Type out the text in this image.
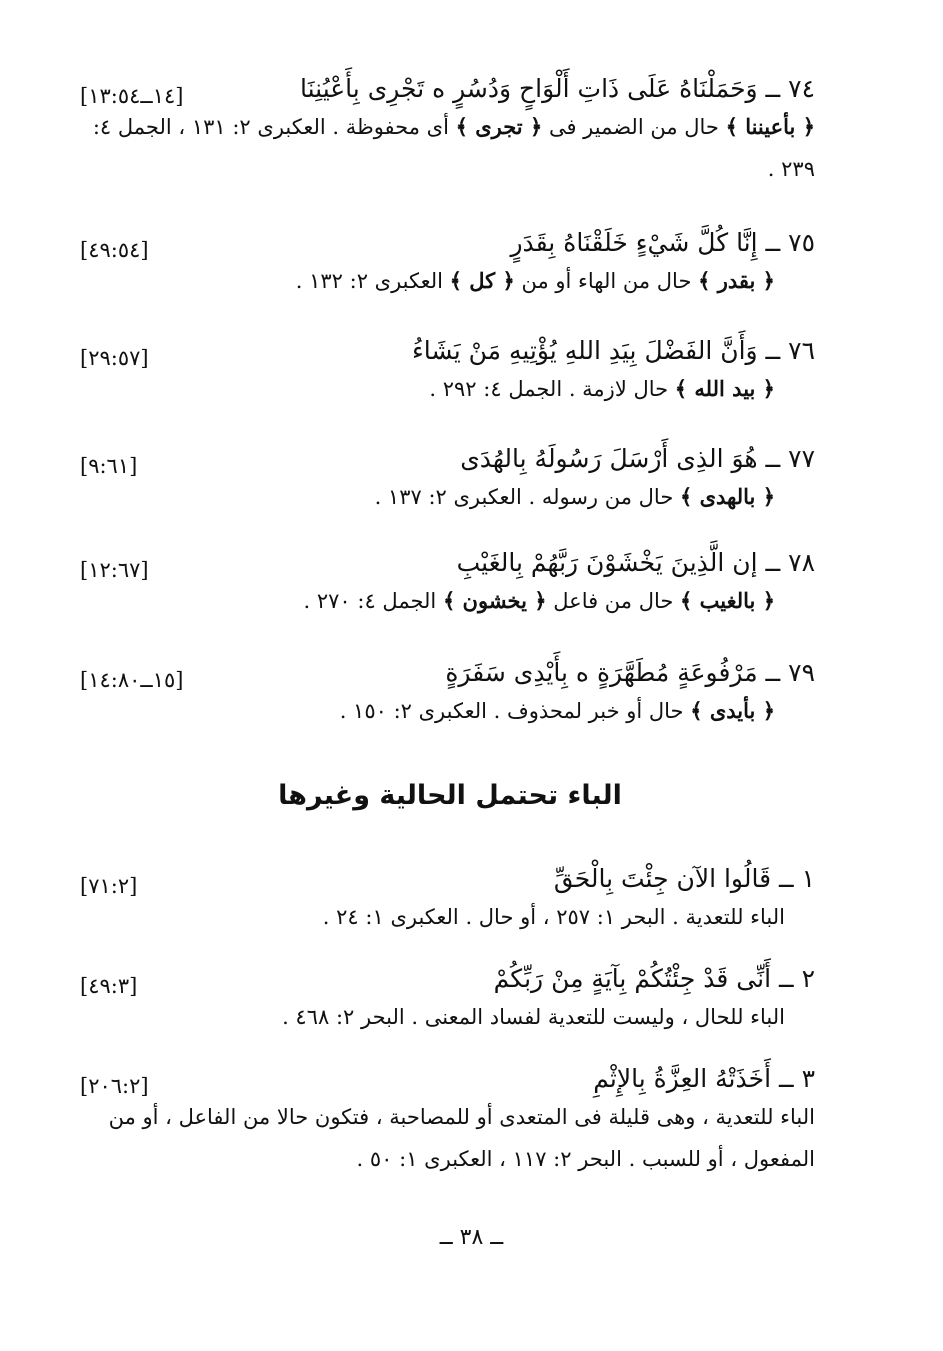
[١٤ــ١٣:٥٤]	٧٤ ــ وَحَمَلْنَاهُ عَلَى ذَاتِ أَلْوَاحٍ وَدُسُرٍ ه تَجْرِى بِأَعْيُنِنَا
﴿ بأعيننا ﴾ حال من الضمير فى ﴿ تجرى ﴾ أى محفوظة . العكبرى ٢: ١٣١ ، الجمل ٤: ٢٣٩ .
[٤٩:٥٤]	٧٥ ــ إِنَّا كُلَّ شَيْءٍ خَلَقْنَاهُ بِقَدَرٍ
﴿ بقدر ﴾ حال من الهاء أو من ﴿ كل ﴾ العكبرى ٢: ١٣٢ .
[٢٩:٥٧]	٧٦ ــ وَأَنَّ الفَضْلَ بِيَدِ اللهِ يُؤْتِيهِ مَنْ يَشَاءُ
﴿ بيد الله ﴾ حال لازمة . الجمل ٤: ٢٩٢ .
[٩:٦١]	٧٧ ــ هُوَ الذِى أَرْسَلَ رَسُولَهُ بِالهُدَى
﴿ بالهدى ﴾ حال من رسوله . العكبرى ٢: ١٣٧ .
[١٢:٦٧]	٧٨ ــ إن الَّذِينَ يَخْشَوْنَ رَبَّهُمْ بِالغَيْبِ
﴿ بالغيب ﴾ حال من فاعل ﴿ يخشون ﴾ الجمل ٤: ٢٧٠ .
[١٥ــ١٤:٨٠]	٧٩ ــ مَرْفُوعَةٍ مُطَهَّرَةٍ ه بِأَيْدِى سَفَرَةٍ
﴿ بأيدى ﴾ حال أو خبر لمحذوف . العكبرى ٢: ١٥٠ .
الباء تحتمل الحالية وغيرها
[٧١:٢]	١ ــ قَالُوا الآن جِئْتَ بِالْحَقِّ
الباء للتعدية . البحر ١: ٢٥٧ ، أو حال . العكبرى ١: ٢٤ .
[٤٩:٣]	٢ ــ أَنِّى قَدْ جِئْتُكُمْ بِآيَةٍ مِنْ رَبِّكُمْ
الباء للحال ، وليست للتعدية لفساد المعنى . البحر ٢: ٤٦٨ .
[٢٠٦:٢]	٣ ــ أَخَذَتْهُ العِزَّةُ بِالإِثْمِ
الباء للتعدية ، وهى قليلة فى المتعدى أو للمصاحبة ، فتكون حالا من الفاعل ، أو من المفعول ، أو للسبب . البحر ٢: ١١٧ ، العكبرى ١: ٥٠ .
ــ ٣٨ ــ
